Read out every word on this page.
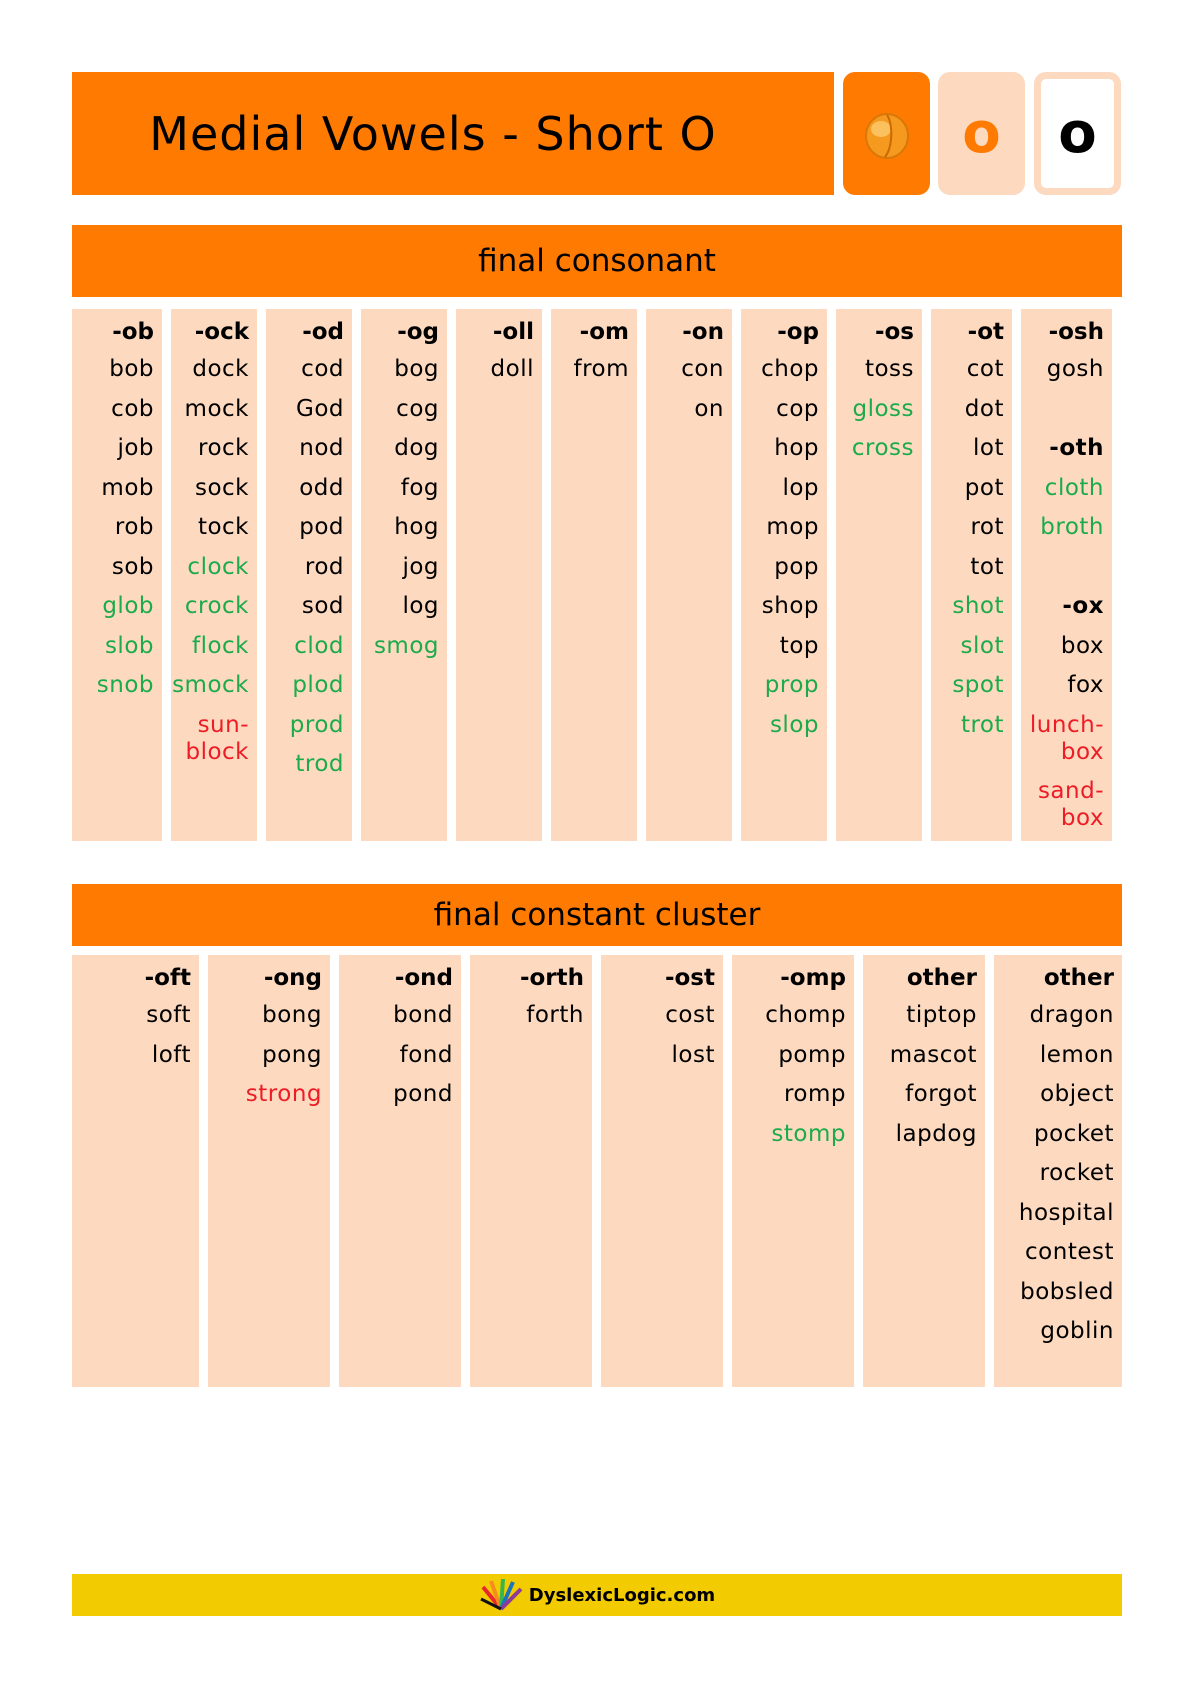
Medial Vowels - Short O	o o
final consonant
-ob
bob
cob
job
mob
rob
sob
glob
slob
snob
-ock
dock
mock
rock
sock
tock
clock
crock
flock
smock
sun-
block
-od
cod
God
nod
odd
pod
rod
sod
clod
plod
prod
trod
-og
bog
cog
dog
fog
hog
jog
log
smog
-oll
doll
-om
from
-on
con
on
-op
chop
cop
hop
lop
mop
pop
shop
top
prop
slop
-os
toss
gloss
cross
-ot
cot
dot
lot
pot
rot
tot
shot
slot
spot
trot
-osh
gosh
-oth
cloth
broth
-ox
box
fox
lunch-
box
sand-
box
final constant cluster
-oft
soft
loft
-ong
bong
pong
strong
-ond
bond
fond
pond
-orth
forth
-ost
cost
lost
-omp
chomp
pomp
romp
stomp
other
tiptop
mascot
forgot
lapdog
other
dragon
lemon
object
pocket
rocket
hospital
contest
bobsled
goblin
DyslexicLogic.com
